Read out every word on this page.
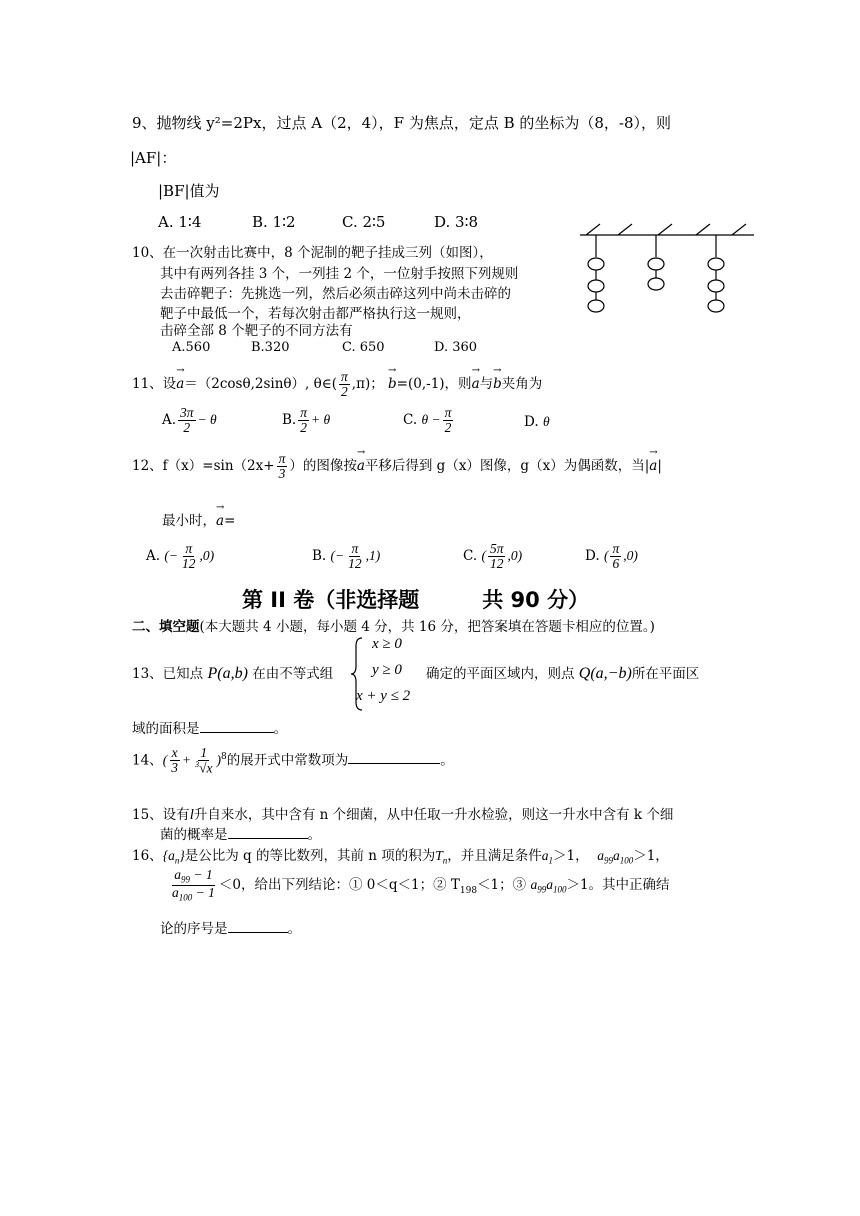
9、抛物线 y²=2Px，过点 A（2，4），F 为焦点，定点 B 的坐标为（8，-8），则
|AF|：
|BF|值为
A. 1∶4	B. 1∶2	C. 2∶5	D. 3∶8
10、在一次射击比赛中，8 个泥制的靶子挂成三列（如图），
其中有两列各挂 3 个，一列挂 2 个，一位射手按照下列规则
去击碎靶子：先挑选一列，然后必须击碎这列中尚未击碎的
靶子中最低一个，若每次射击都严格执行这一规则，
击碎全部 8 个靶子的不同方法有
A.560	B.320	C. 650	D. 360
11、设→ a＝（2cosθ,2sinθ）, θ∈( $\frac{\pi}{2} ,\pi$)； → b=(0,-1)，则→ a与→ b夹角为
A. $\frac{3\pi}{2} - \theta$	B. $\frac{\pi}{2} + \theta$	C. $\theta - \frac{\pi}{2}$	D. θ
12、$f(x)=\sin(2x+ \frac{\pi}{3}$ ）的图像按→ a平移后得到 g（x）图像，g（x）为偶函数，当|→ a|
最小时，→ a=
A. (− $\frac{\pi}{12} ,0$)	B. (− $\frac{\pi}{12} ,1$)	C. ( $\frac{5\pi}{12} ,0$)	D. ( $\frac{\pi}{6} ,0$)
第 II 卷（非选择题　　　共 90 分）
二、填空题(本大题共 4 小题，每小题 4 分，共 16 分，把答案填在答题卡相应的位置。)
13、已知点 P(a,b) 在由不等式组
x ≥ 0
y ≥ 0
x + y ≤ 2
确定的平面区域内，则点 Q(a,−b)所在平面区
域的面积是	。
14、( $\frac{x}{3} + \frac{1}{^3√x} )^8$的展开式中常数项为	。
15、设有l升自来水，其中含有 n 个细菌，从中任取一升水检验，则这一升水中含有 k 个细
菌的概率是	。
16、$\{a_n\}$是公比为 q 的等比数列，其前 n 项的积为$T_n$，并且满足条件$a_1>1$， $a_{99}a_{100}>1$，
$\frac{a_{99} - 1}{a_{100} - 1} <0$，给出下列结论：① 0＜q＜1；② $T_{198}<1$；③ $a_{99}a_{100}>1$。其中正确结
论的序号是	。
